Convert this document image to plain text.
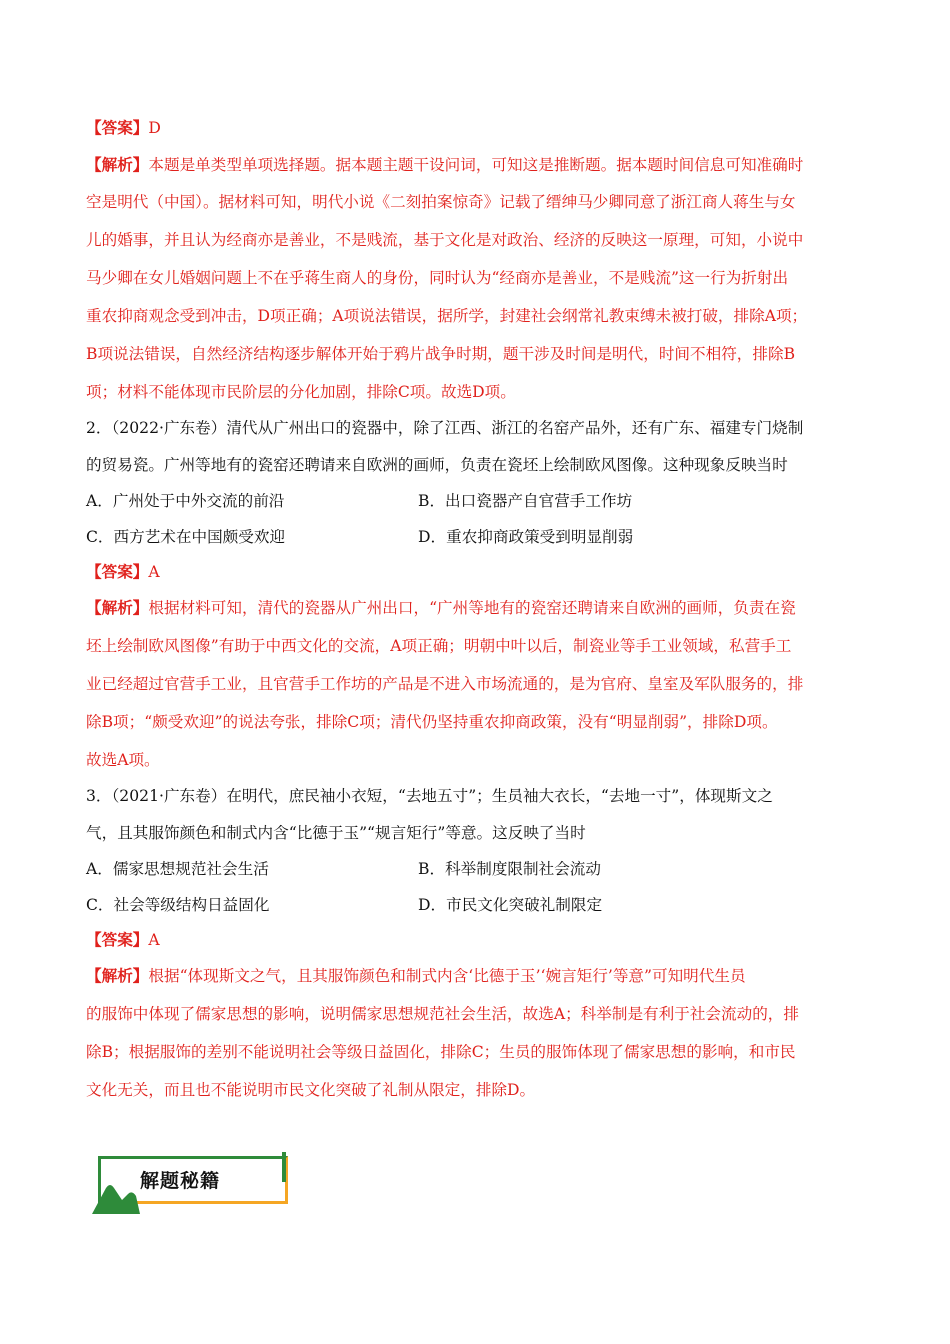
【答案】D
【解析】本题是单类型单项选择题。据本题主题干设问词，可知这是推断题。据本题时间信息可知准确时
空是明代（中国）。据材料可知，明代小说《二刻拍案惊奇》记载了缙绅马少卿同意了浙江商人蒋生与女
儿的婚事，并且认为经商亦是善业，不是贱流，基于文化是对政治、经济的反映这一原理，可知，小说中
马少卿在女儿婚姻问题上不在乎蒋生商人的身份，同时认为“经商亦是善业，不是贱流”这一行为折射出
重农抑商观念受到冲击，D项正确；A项说法错误，据所学，封建社会纲常礼教束缚未被打破，排除A项；
B项说法错误，自然经济结构逐步解体开始于鸦片战争时期，题干涉及时间是明代，时间不相符，排除B
项；材料不能体现市民阶层的分化加剧，排除C项。故选D项。
2．（2022·广东卷）清代从广州出口的瓷器中，除了江西、浙江的名窑产品外，还有广东、福建专门烧制
的贸易瓷。广州等地有的瓷窑还聘请来自欧洲的画师，负责在瓷坯上绘制欧风图像。这种现象反映当时
A．广州处于中外交流的前沿	B．出口瓷器产自官营手工作坊
C．西方艺术在中国颇受欢迎	D．重农抑商政策受到明显削弱
【答案】A
【解析】根据材料可知，清代的瓷器从广州出口，“广州等地有的瓷窑还聘请来自欧洲的画师，负责在瓷
坯上绘制欧风图像”有助于中西文化的交流，A项正确；明朝中叶以后，制瓷业等手工业领域，私营手工
业已经超过官营手工业，且官营手工作坊的产品是不进入市场流通的，是为官府、皇室及军队服务的，排
除B项；“颇受欢迎”的说法夸张，排除C项；清代仍坚持重农抑商政策，没有“明显削弱”，排除D项。
故选A项。
3．（2021·广东卷）在明代，庶民袖小衣短，“去地五寸”；生员袖大衣长，“去地一寸”，体现斯文之
气，且其服饰颜色和制式内含“比德于玉”“规言矩行”等意。这反映了当时
A．儒家思想规范社会生活	B．科举制度限制社会流动
C．社会等级结构日益固化	D．市民文化突破礼制限定
【答案】A
【解析】根据“体现斯文之气，且其服饰颜色和制式内含‘比德于玉’‘婉言矩行’等意”可知明代生员
的服饰中体现了儒家思想的影响，说明儒家思想规范社会生活，故选A；科举制是有利于社会流动的，排
除B；根据服饰的差别不能说明社会等级日益固化，排除C；生员的服饰体现了儒家思想的影响，和市民
文化无关，而且也不能说明市民文化突破了礼制从限定，排除D。
解题秘籍
